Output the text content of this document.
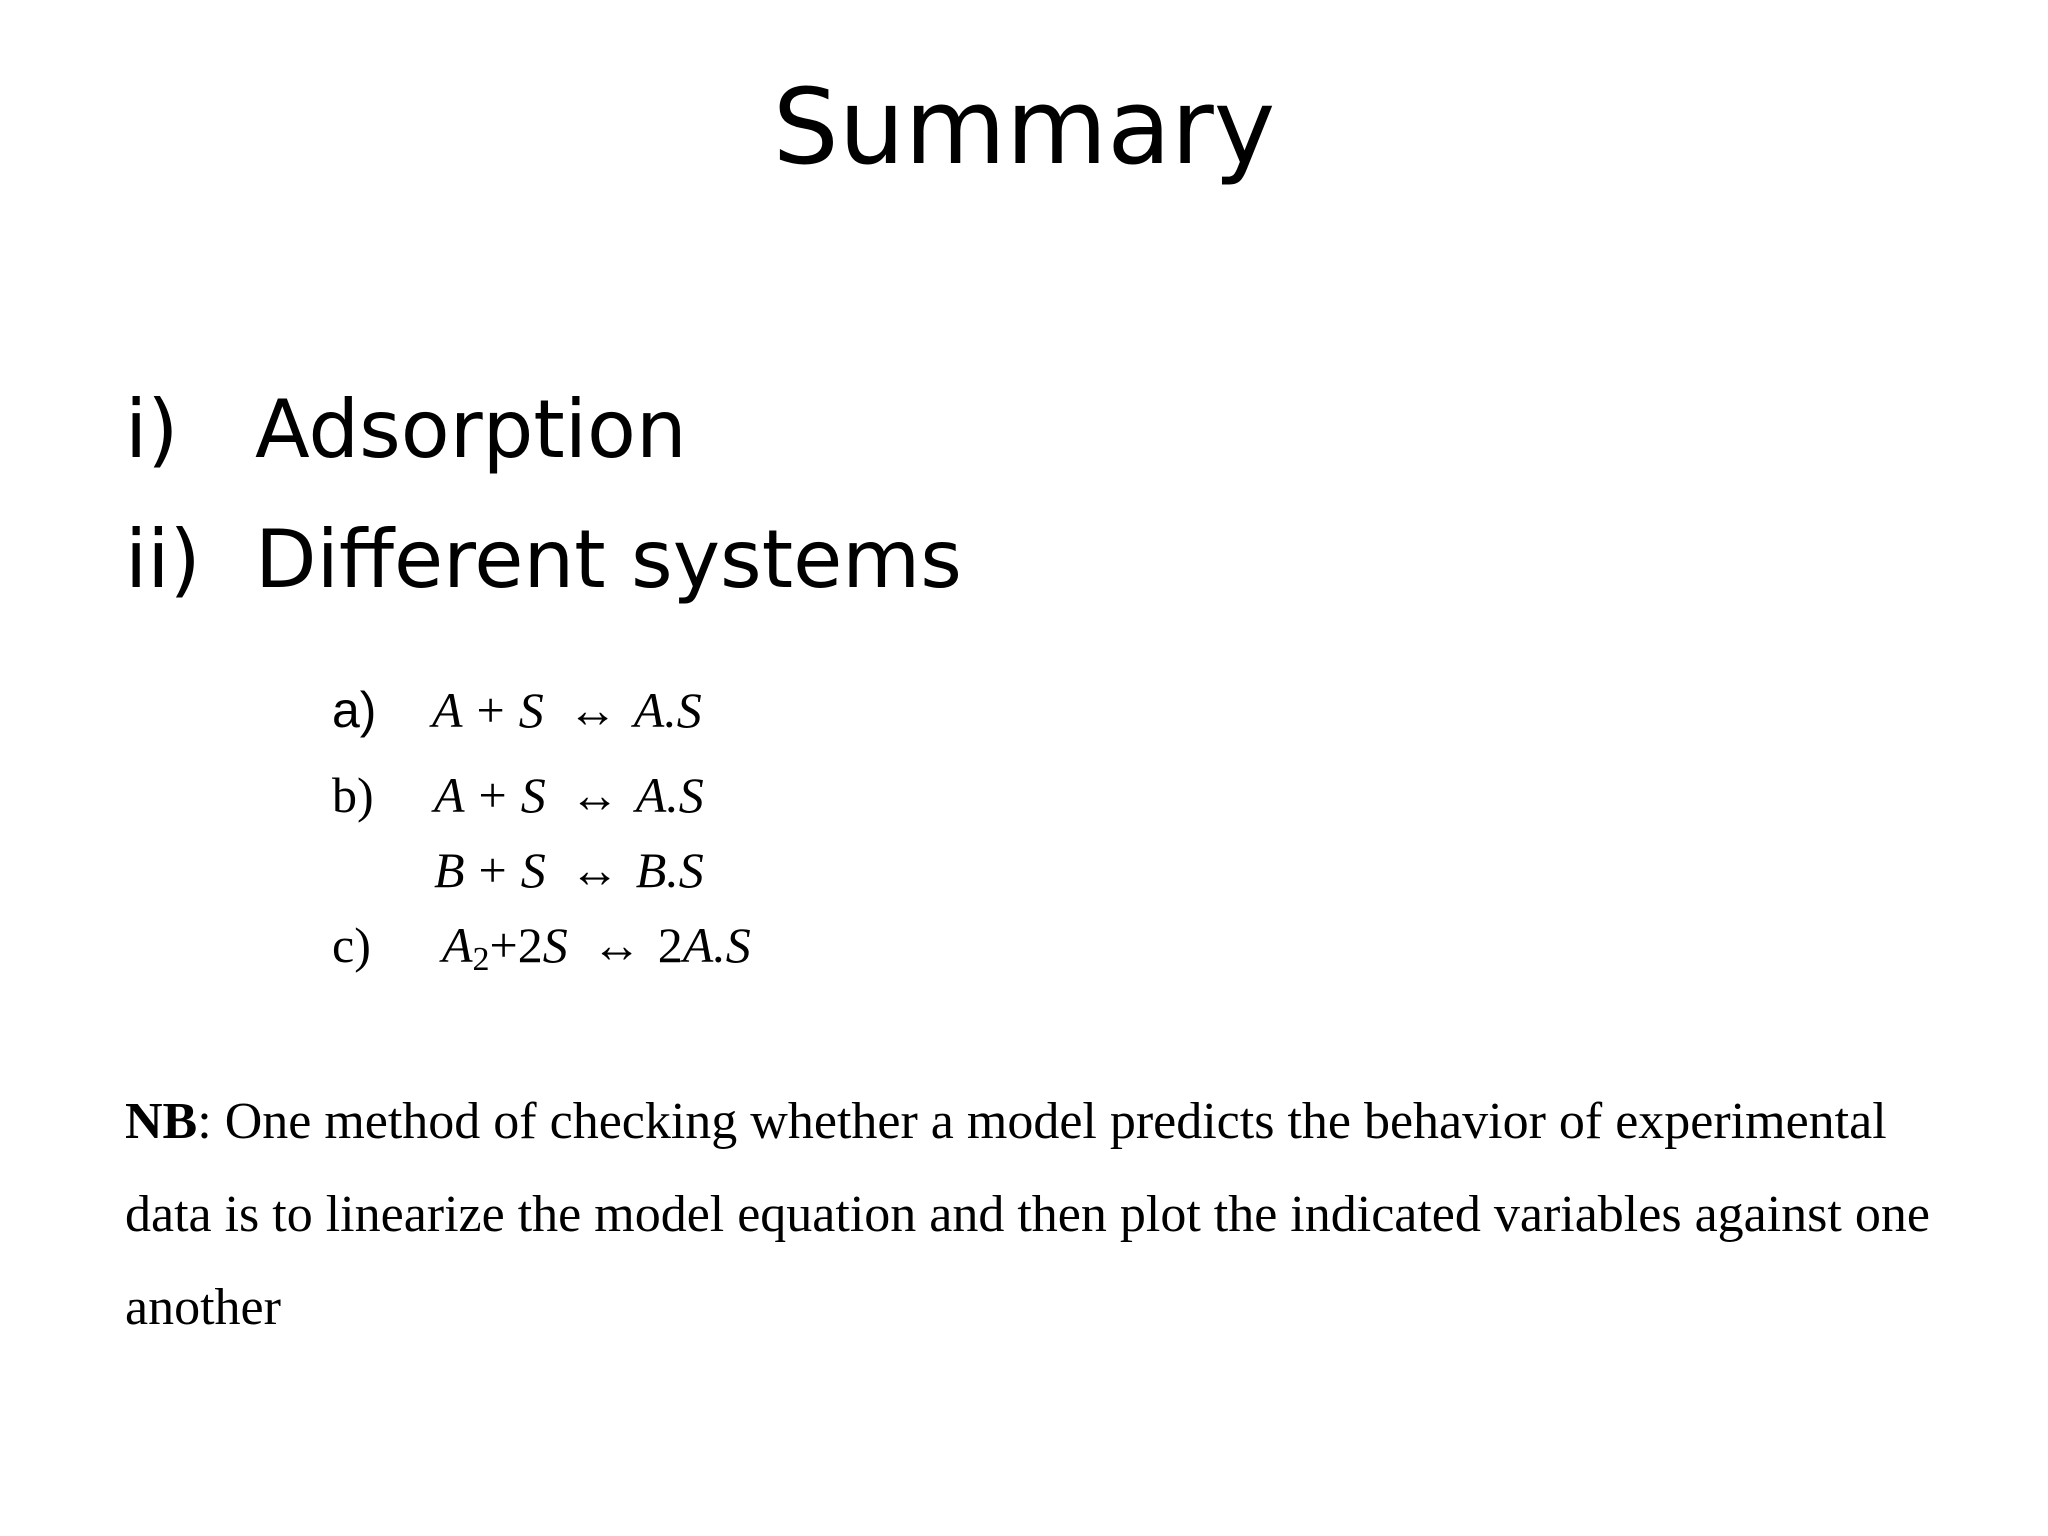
Summary
i) Adsorption
ii) Different systems
a) A + S ↔ A.S
b) A + S ↔ A.S
B + S ↔ B.S
c) $A_2+2S$ ↔ 2A.S

NB: One method of checking whether a model predicts the behavior of experimental data is to linearize the model equation and then plot the indicated variables against one another
